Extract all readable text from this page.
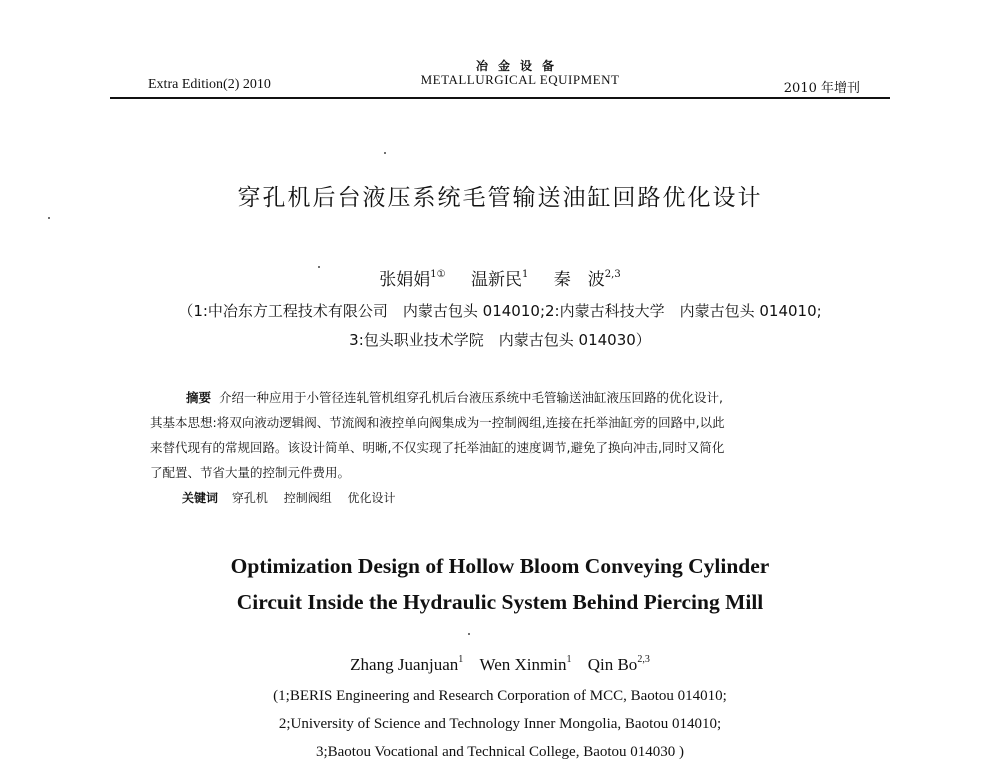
Extra Edition(2) 2010
冶金设备
METALLURGICAL EQUIPMENT
2010 年增刊
穿孔机后台液压系统毛管输送油缸回路优化设计
张娟娟$^{1①}$ 温新民$^1$ 秦　波$^{2,3}$
（1:中冶东方工程技术有限公司　内蒙古包头 014010;2:内蒙古科技大学　内蒙古包头 014010;
3:包头职业技术学院　内蒙古包头 014030）

摘要 介绍一种应用于小管径连轧管机组穿孔机后台液压系统中毛管输送油缸液压回路的优化设计,

其基本思想:将双向液动逻辑阀、节流阀和液控单向阀集成为一控制阀组,连接在托举油缸旁的回路中,以此

来替代现有的常规回路。该设计简单、明晰,不仅实现了托举油缸的速度调节,避免了换向冲击,同时又简化

了配置、节省大量的控制元件费用。

关键词 穿孔机 控制阀组 优化设计
Optimization Design of Hollow Bloom Conveying Cylinder
Circuit Inside the Hydraulic System Behind Piercing Mill
Zhang Juanjuan$^1$ Wen Xinmin$^1$ Qin Bo$^{2,3}$
(1;BERIS Engineering and Research Corporation of MCC, Baotou 014010;
2;University of Science and Technology Inner Mongolia, Baotou 014010;
3;Baotou Vocational and Technical College, Baotou 014030 )
